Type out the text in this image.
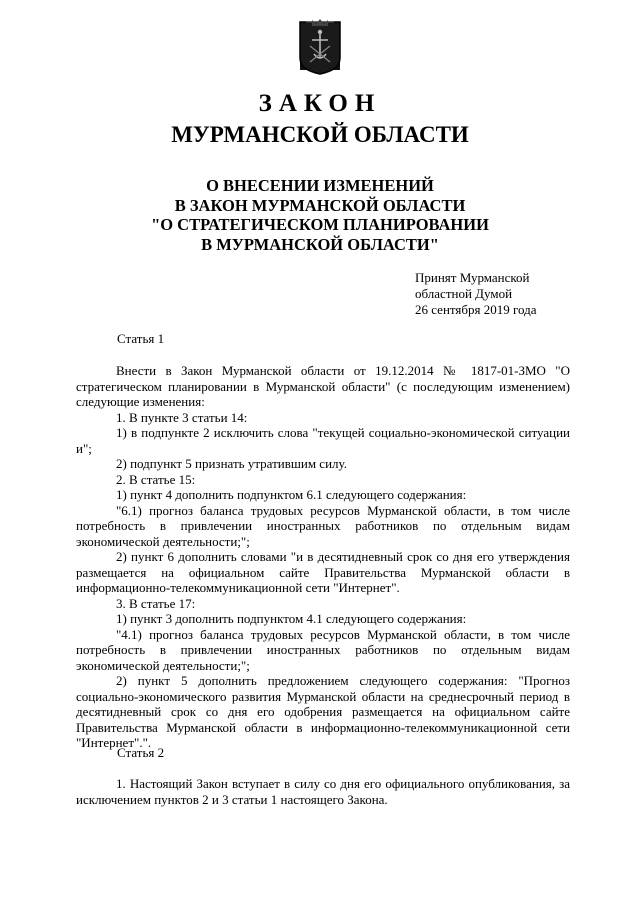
ЗАКОН
МУРМАНСКОЙ ОБЛАСТИ
О ВНЕСЕНИИ ИЗМЕНЕНИЙ
В ЗАКОН МУРМАНСКОЙ ОБЛАСТИ
"О СТРАТЕГИЧЕСКОМ ПЛАНИРОВАНИИ
В МУРМАНСКОЙ ОБЛАСТИ"
Принят Мурманской
областной Думой
26 сентября 2019 года
Статья 1

Внести в Закон Мурманской области от 19.12.2014 № 1817-01-ЗМО "О стратегическом планировании в Мурманской области" (с последующим изменением) следующие изменения:

1. В пункте 3 статьи 14:

1) в подпункте 2 исключить слова "текущей социально-экономической ситуации и";

2) подпункт 5 признать утратившим силу.

2. В статье 15:

1) пункт 4 дополнить подпунктом 6.1 следующего содержания:

"6.1) прогноз баланса трудовых ресурсов Мурманской области, в том числе потребность в привлечении иностранных работников по отдельным видам экономической деятельности;";

2) пункт 6 дополнить словами "и в десятидневный срок со дня его утверждения размещается на официальном сайте Правительства Мурманской области в информационно-телекоммуникационной сети "Интернет".

3. В статье 17:

1) пункт 3 дополнить подпунктом 4.1 следующего содержания:

"4.1) прогноз баланса трудовых ресурсов Мурманской области, в том числе потребность в привлечении иностранных работников по отдельным видам экономической деятельности;";

2) пункт 5 дополнить предложением следующего содержания: "Прогноз социально-экономического развития Мурманской области на среднесрочный период в десятидневный срок со дня его одобрения размещается на официальном сайте Правительства Мурманской области в информационно-телекоммуникационной сети "Интернет".".

Статья 2

1. Настоящий Закон вступает в силу со дня его официального опубликования, за исключением пунктов 2 и 3 статьи 1 настоящего Закона.
